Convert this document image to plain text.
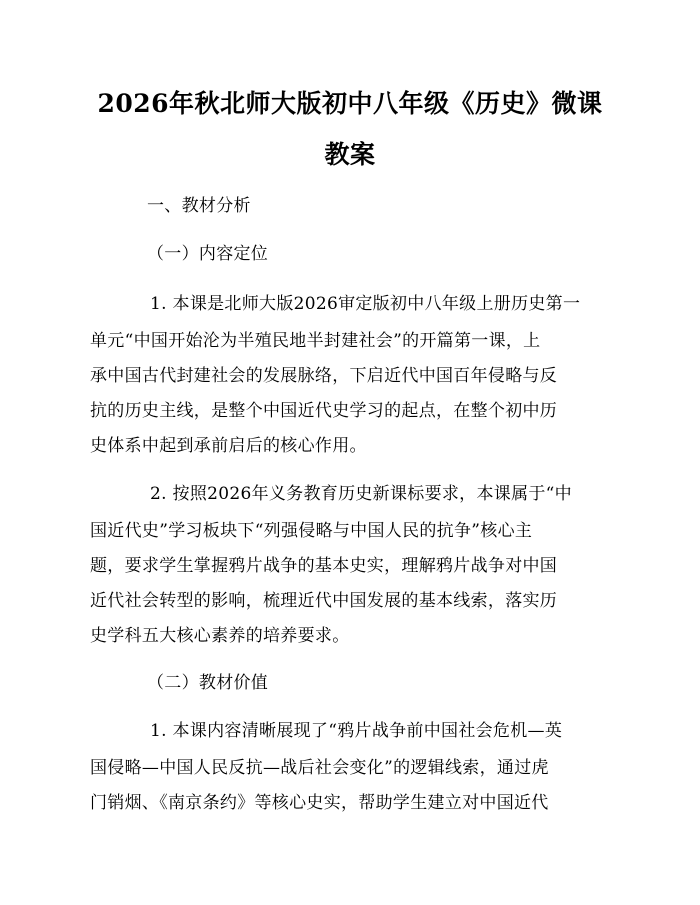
2026年秋北师大版初中八年级《历史》微课
教案

一、教材分析

（一）内容定位

1. 本课是北师大版2026审定版初中八年级上册历史第一

单元“中国开始沦为半殖民地半封建社会”的开篇第一课，上

承中国古代封建社会的发展脉络，下启近代中国百年侵略与反

抗的历史主线，是整个中国近代史学习的起点，在整个初中历

史体系中起到承前启后的核心作用。

2. 按照2026年义务教育历史新课标要求，本课属于“中

国近代史”学习板块下“列强侵略与中国人民的抗争”核心主

题，要求学生掌握鸦片战争的基本史实，理解鸦片战争对中国

近代社会转型的影响，梳理近代中国发展的基本线索，落实历

史学科五大核心素养的培养要求。

（二）教材价值

1. 本课内容清晰展现了“鸦片战争前中国社会危机—英

国侵略—中国人民反抗—战后社会变化”的逻辑线索，通过虎

门销烟、《南京条约》等核心史实，帮助学生建立对中国近代
